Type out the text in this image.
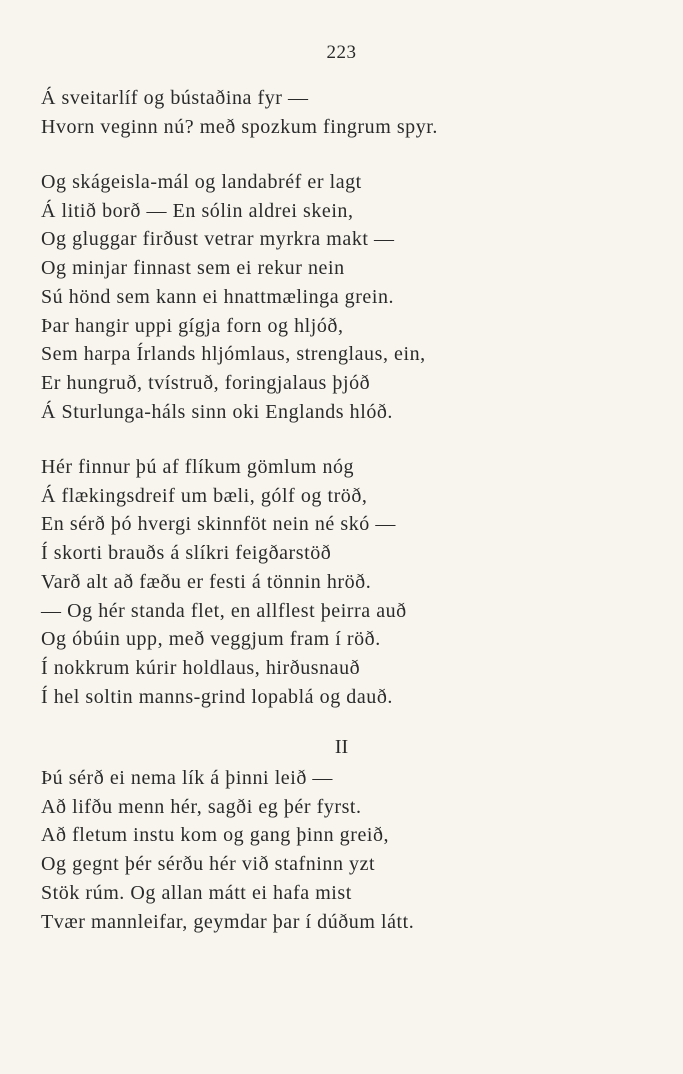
223
Á sveitarlíf og bústaðina fyr —
Hvorn veginn nú? með spozkum fingrum spyr.
Og skágeisla-mál og landabréf er lagt
Á litið borð — En sólin aldrei skein,
Og gluggar firðust vetrar myrkra makt —
Og minjar finnast sem ei rekur nein
Sú hönd sem kann ei hnattmælinga grein.
Þar hangir uppi gígja forn og hljóð,
Sem harpa Írlands hljómlaus, strenglaus, ein,
Er hungruð, tvístruð, foringjalaus þjóð
Á Sturlunga-háls sinn oki Englands hlóð.
Hér finnur þú af flíkum gömlum nóg
Á flækingsdreif um bæli, gólf og tröð,
En sérð þó hvergi skinnföt nein né skó —
Í skorti brauðs á slíkri feigðarstöð
Varð alt að fæðu er festi á tönnin hröð.
— Og hér standa flet, en allflest þeirra auð
Og óbúin upp, með veggjum fram í röð.
Í nokkrum kúrir holdlaus, hirðusnauð
Í hel soltin manns-grind lopablá og dauð.
II
Þú sérð ei nema lík á þinni leið —
Að lifðu menn hér, sagði eg þér fyrst.
Að fletum instu kom og gang þinn greið,
Og gegnt þér sérðu hér við stafninn yzt
Stök rúm. Og allan mátt ei hafa mist
Tvær mannleifar, geymdar þar í dúðum látt.
